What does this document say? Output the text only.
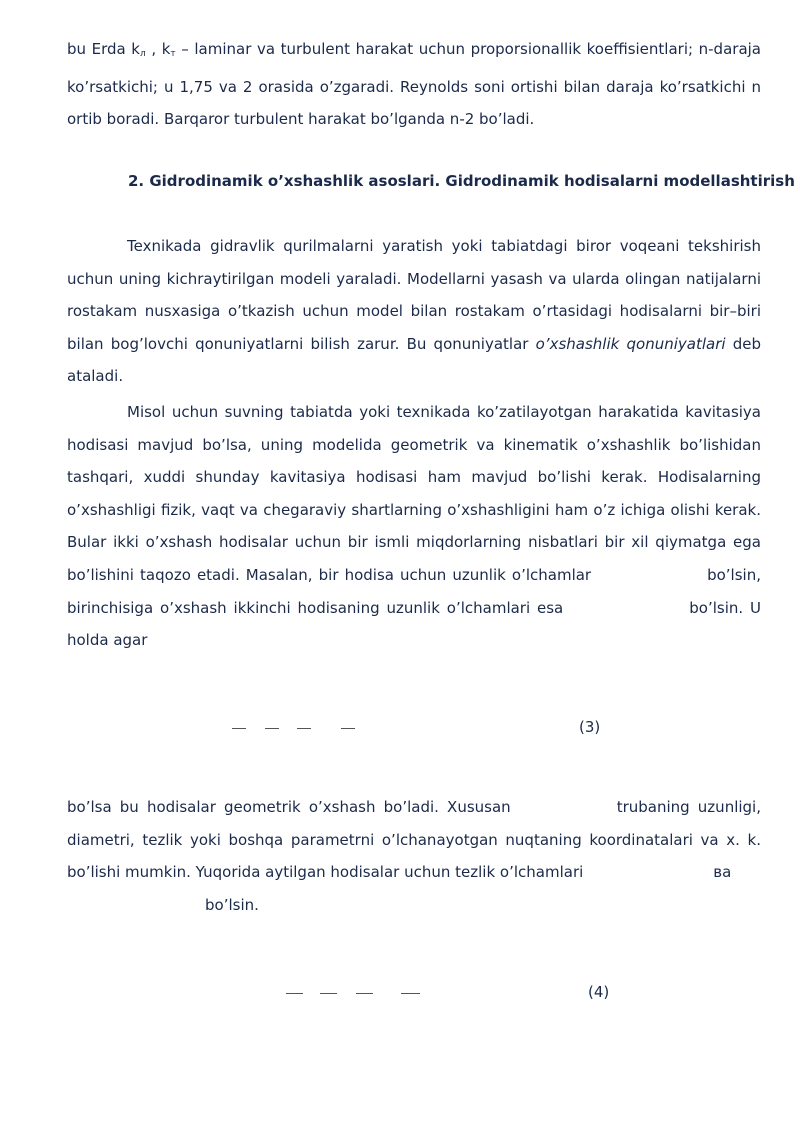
bu Erda $k_л$ , $k_т$ – laminar va turbulent harakat uchun proporsionallik koeffisientlari; n-daraja ko’rsatkichi; u 1,75 va 2 orasida o’zgaradi. Reynolds soni ortishi bilan daraja ko’rsatkichi n ortib boradi. Barqaror turbulent harakat bo’lganda n-2 bo’ladi.
2. Gidrodinamik o’xshashlik asoslari. Gidrodinamik hodisalarni modellashtirish
Texnikada gidravlik qurilmalarni yaratish yoki tabiatdagi biror voqeani tekshirish uchun uning kichraytirilgan modeli yaraladi. Modellarni yasash va ularda olingan natijalarni rostakam nusxasiga o’tkazish uchun model bilan rostakam o’rtasidagi hodisalarni bir–biri bilan bog’lovchi qonuniyatlarni bilish zarur. Bu qonuniyatlar o’xshashlik qonuniyatlari deb ataladi.
Misol uchun suvning tabiatda yoki texnikada ko’zatilayotgan harakatida kavitasiya hodisasi mavjud bo’lsa, uning modelida geometrik va kinematik o’xshashlik bo’lishidan tashqari, xuddi shunday kavitasiya hodisasi ham mavjud bo’lishi kerak. Hodisalarning o’xshashligi fizik, vaqt va chegaraviy shartlarning o’xshashligini ham o’z ichiga olishi kerak. Bular ikki o’xshash hodisalar uchun bir ismli miqdorlarning nisbatlari bir xil qiymatga ega bo’lishini taqozo etadi. Masalan, bir hodisa uchun uzunlik o’lchamlar	bo’lsin, birinchisiga o’xshash ikkinchi hodisaning uzunlik o’lchamlari esa	bo’lsin. U holda agar
(3)
bo’lsa bu hodisalar geometrik o’xshash bo’ladi. Xususan	trubaning uzunligi, diametri, tezlik yoki boshqa parametrni o’lchanayotgan nuqtaning koordinatalari va x. k. bo’lishi mumkin. Yuqorida aytilgan hodisalar uchun tezlik o’lchamlari	ва
bo’lsin.
(4)
